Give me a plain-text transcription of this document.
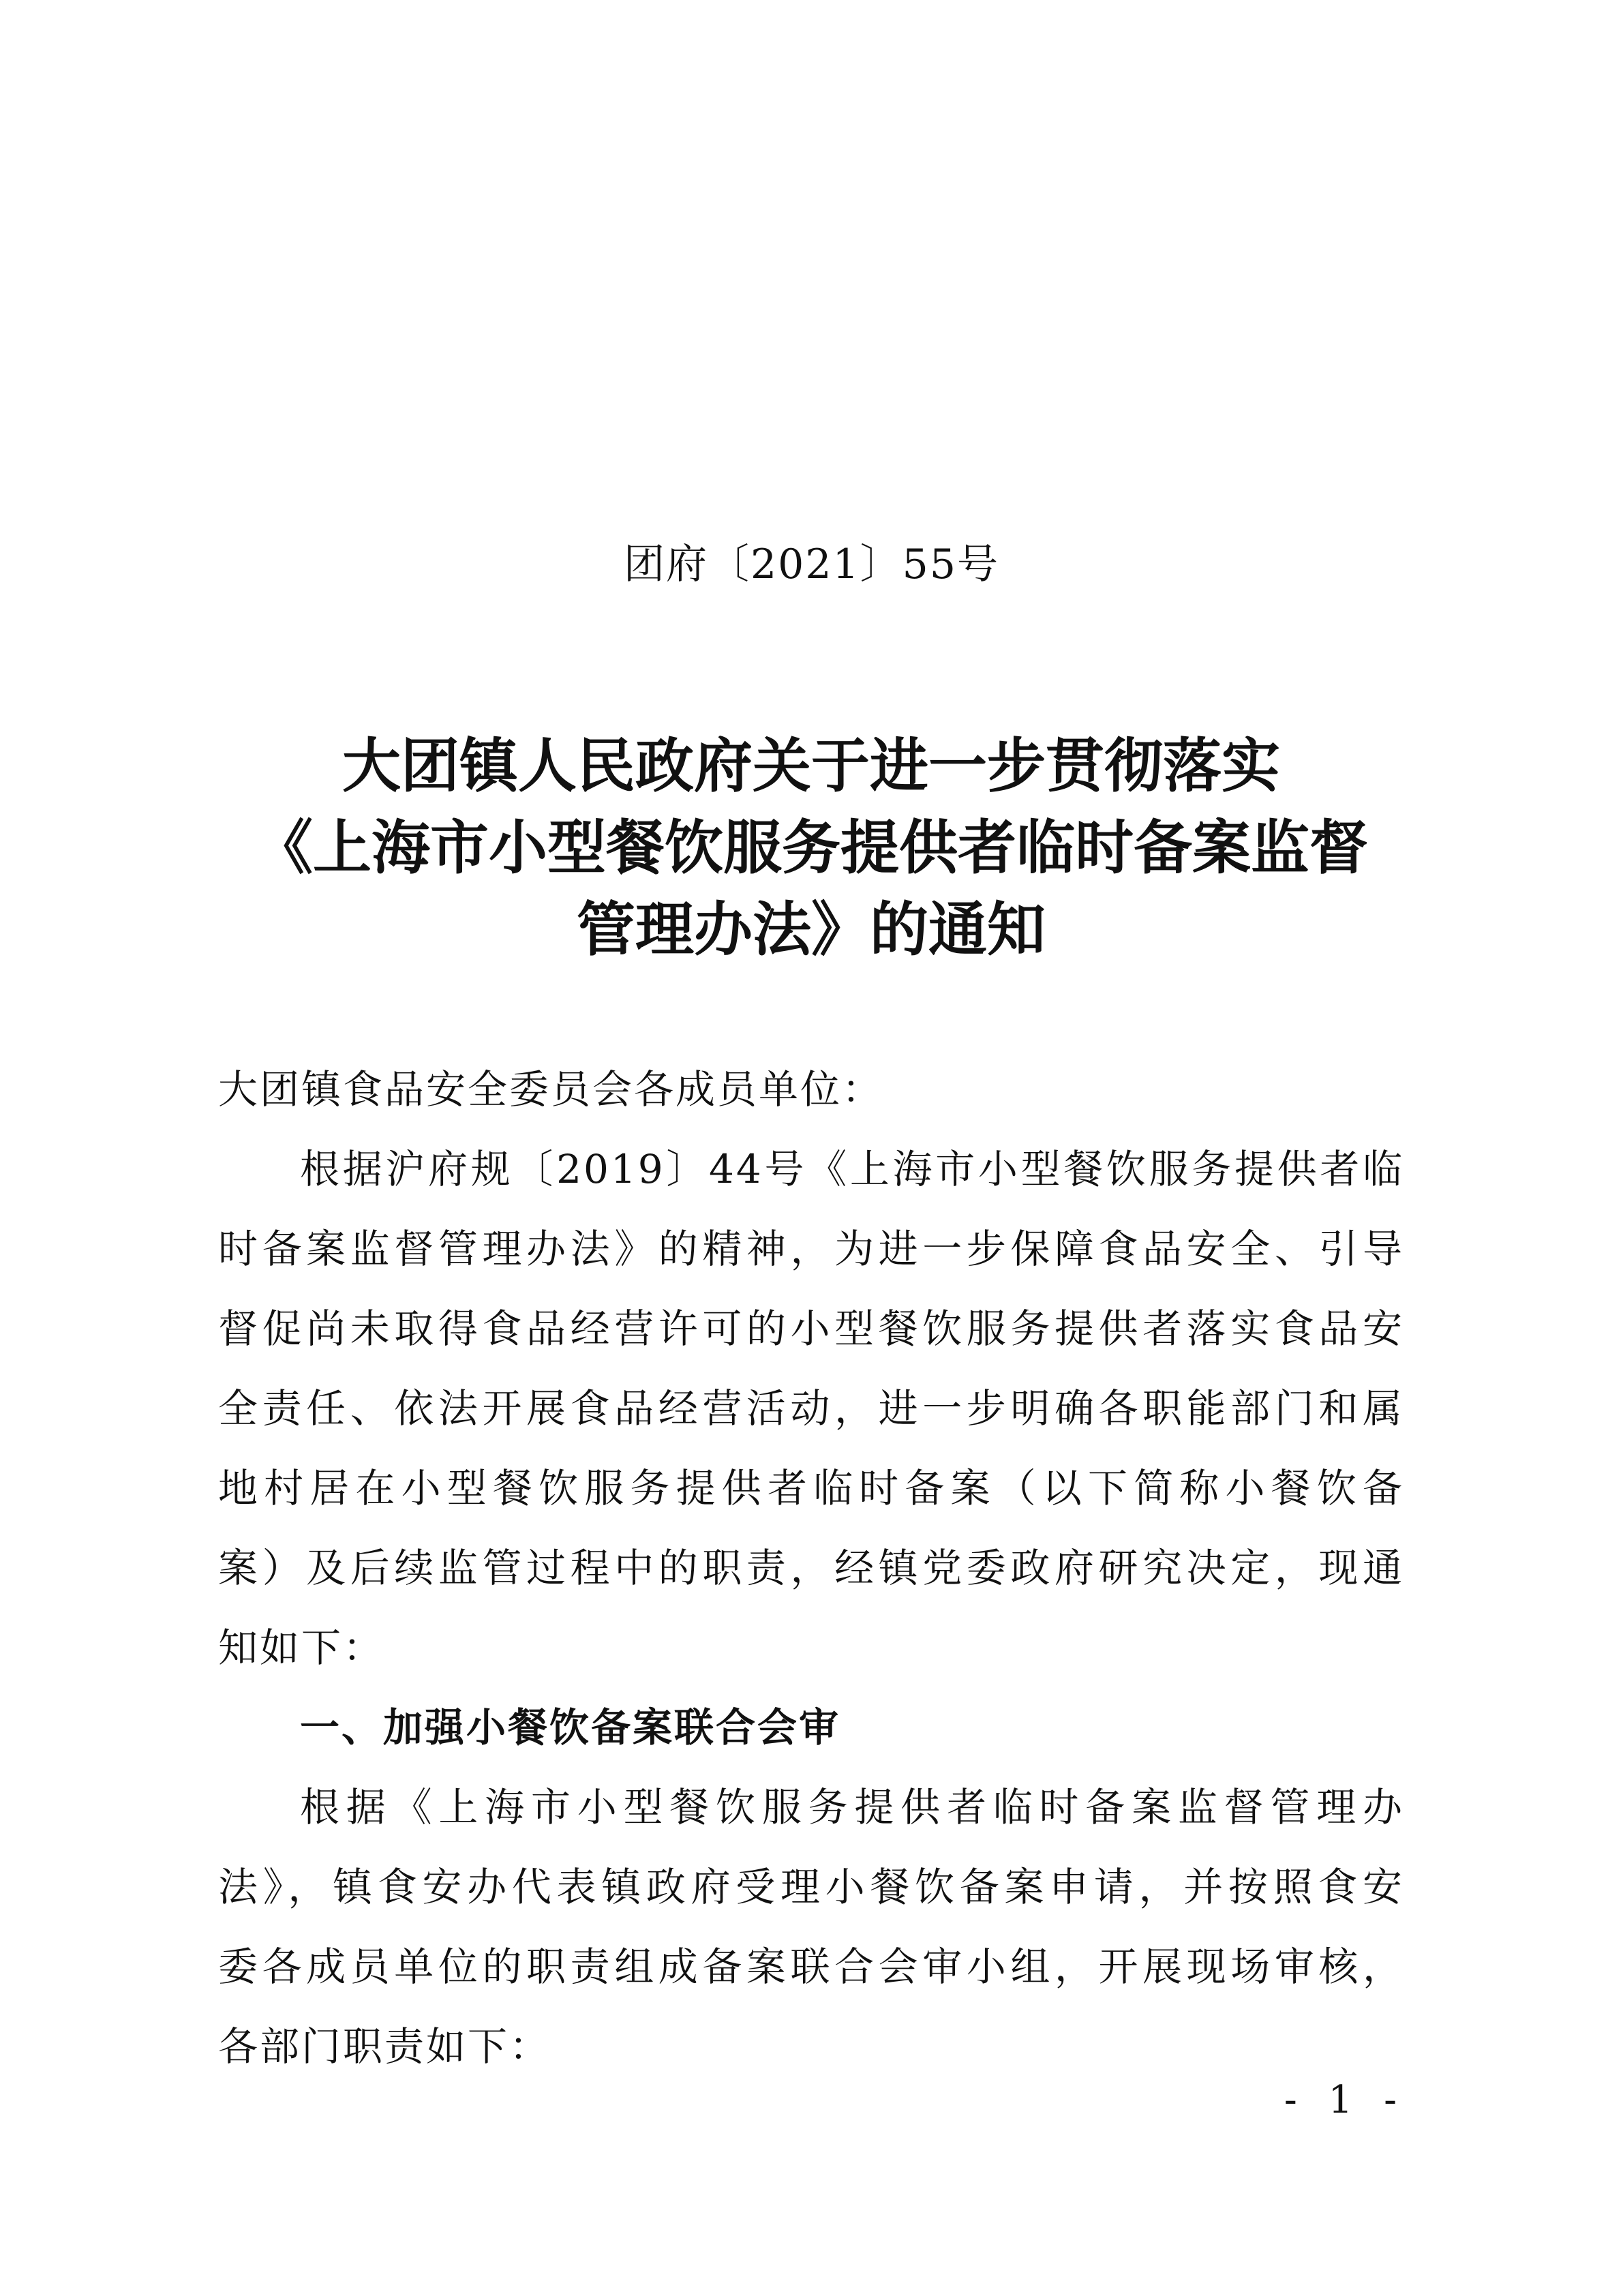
团府〔2021〕55号
大团镇人民政府关于进一步贯彻落实
《上海市小型餐饮服务提供者临时备案监督
管理办法》的通知
大团镇食品安全委员会各成员单位：
根据沪府规〔2019〕44号《上海市小型餐饮服务提供者临
时备案监督管理办法》的精神，为进一步保障食品安全、引导
督促尚未取得食品经营许可的小型餐饮服务提供者落实食品安
全责任、依法开展食品经营活动，进一步明确各职能部门和属
地村居在小型餐饮服务提供者临时备案（以下简称小餐饮备
案）及后续监管过程中的职责，经镇党委政府研究决定，现通
知如下：
一、加强小餐饮备案联合会审
根据《上海市小型餐饮服务提供者临时备案监督管理办
法》，镇食安办代表镇政府受理小餐饮备案申请，并按照食安
委各成员单位的职责组成备案联合会审小组，开展现场审核，
各部门职责如下：
- 1 -
